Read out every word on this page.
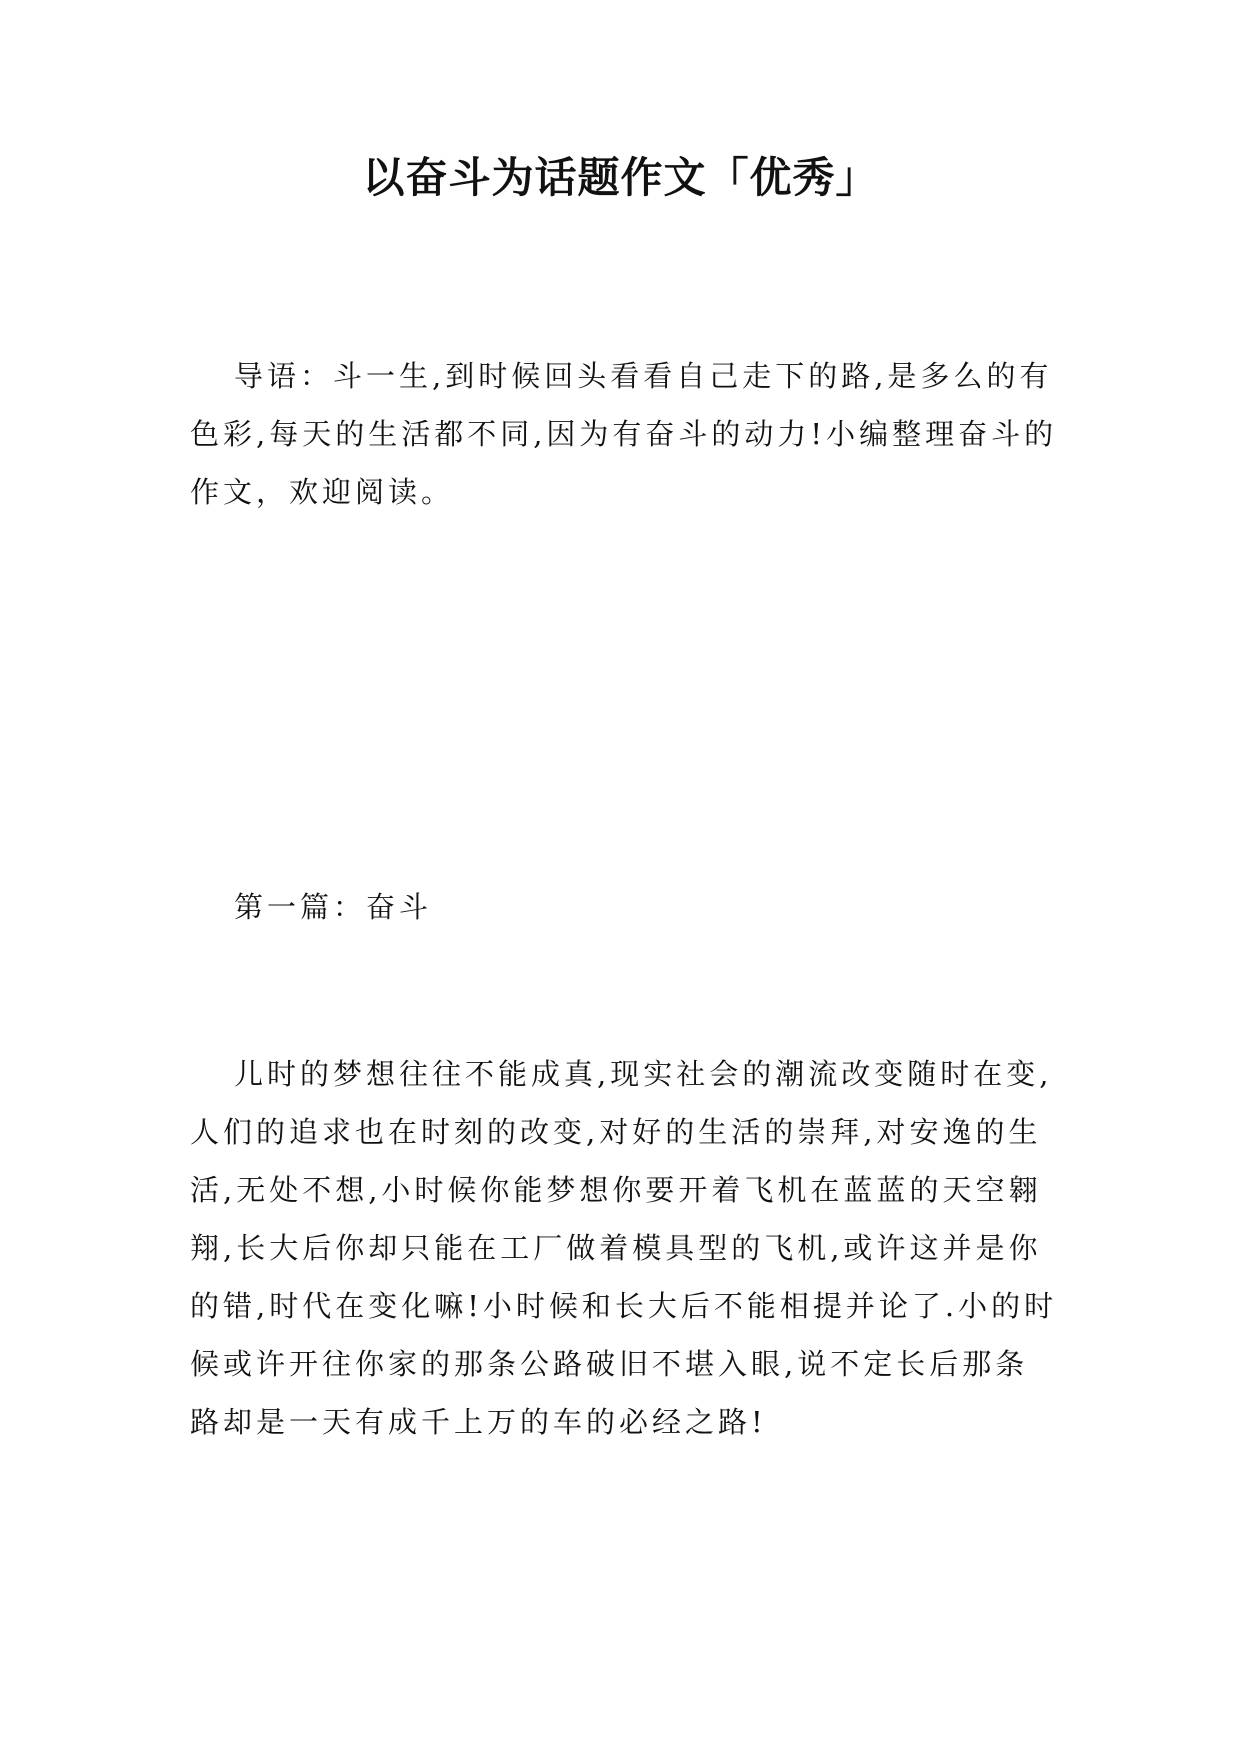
以奋斗为话题作文「优秀」

导语：斗一生,到时候回头看看自己走下的路,是多么的有色彩,每天的生活都不同,因为有奋斗的动力!小编整理奋斗的作文，欢迎阅读。

第一篇：奋斗

儿时的梦想往往不能成真,现实社会的潮流改变随时在变,人们的追求也在时刻的改变,对好的生活的崇拜,对安逸的生活,无处不想,小时候你能梦想你要开着飞机在蓝蓝的天空翱翔,长大后你却只能在工厂做着模具型的飞机,或许这并是你的错,时代在变化嘛!小时候和长大后不能相提并论了.小的时候或许开往你家的那条公路破旧不堪入眼,说不定长后那条路却是一天有成千上万的车的必经之路!
